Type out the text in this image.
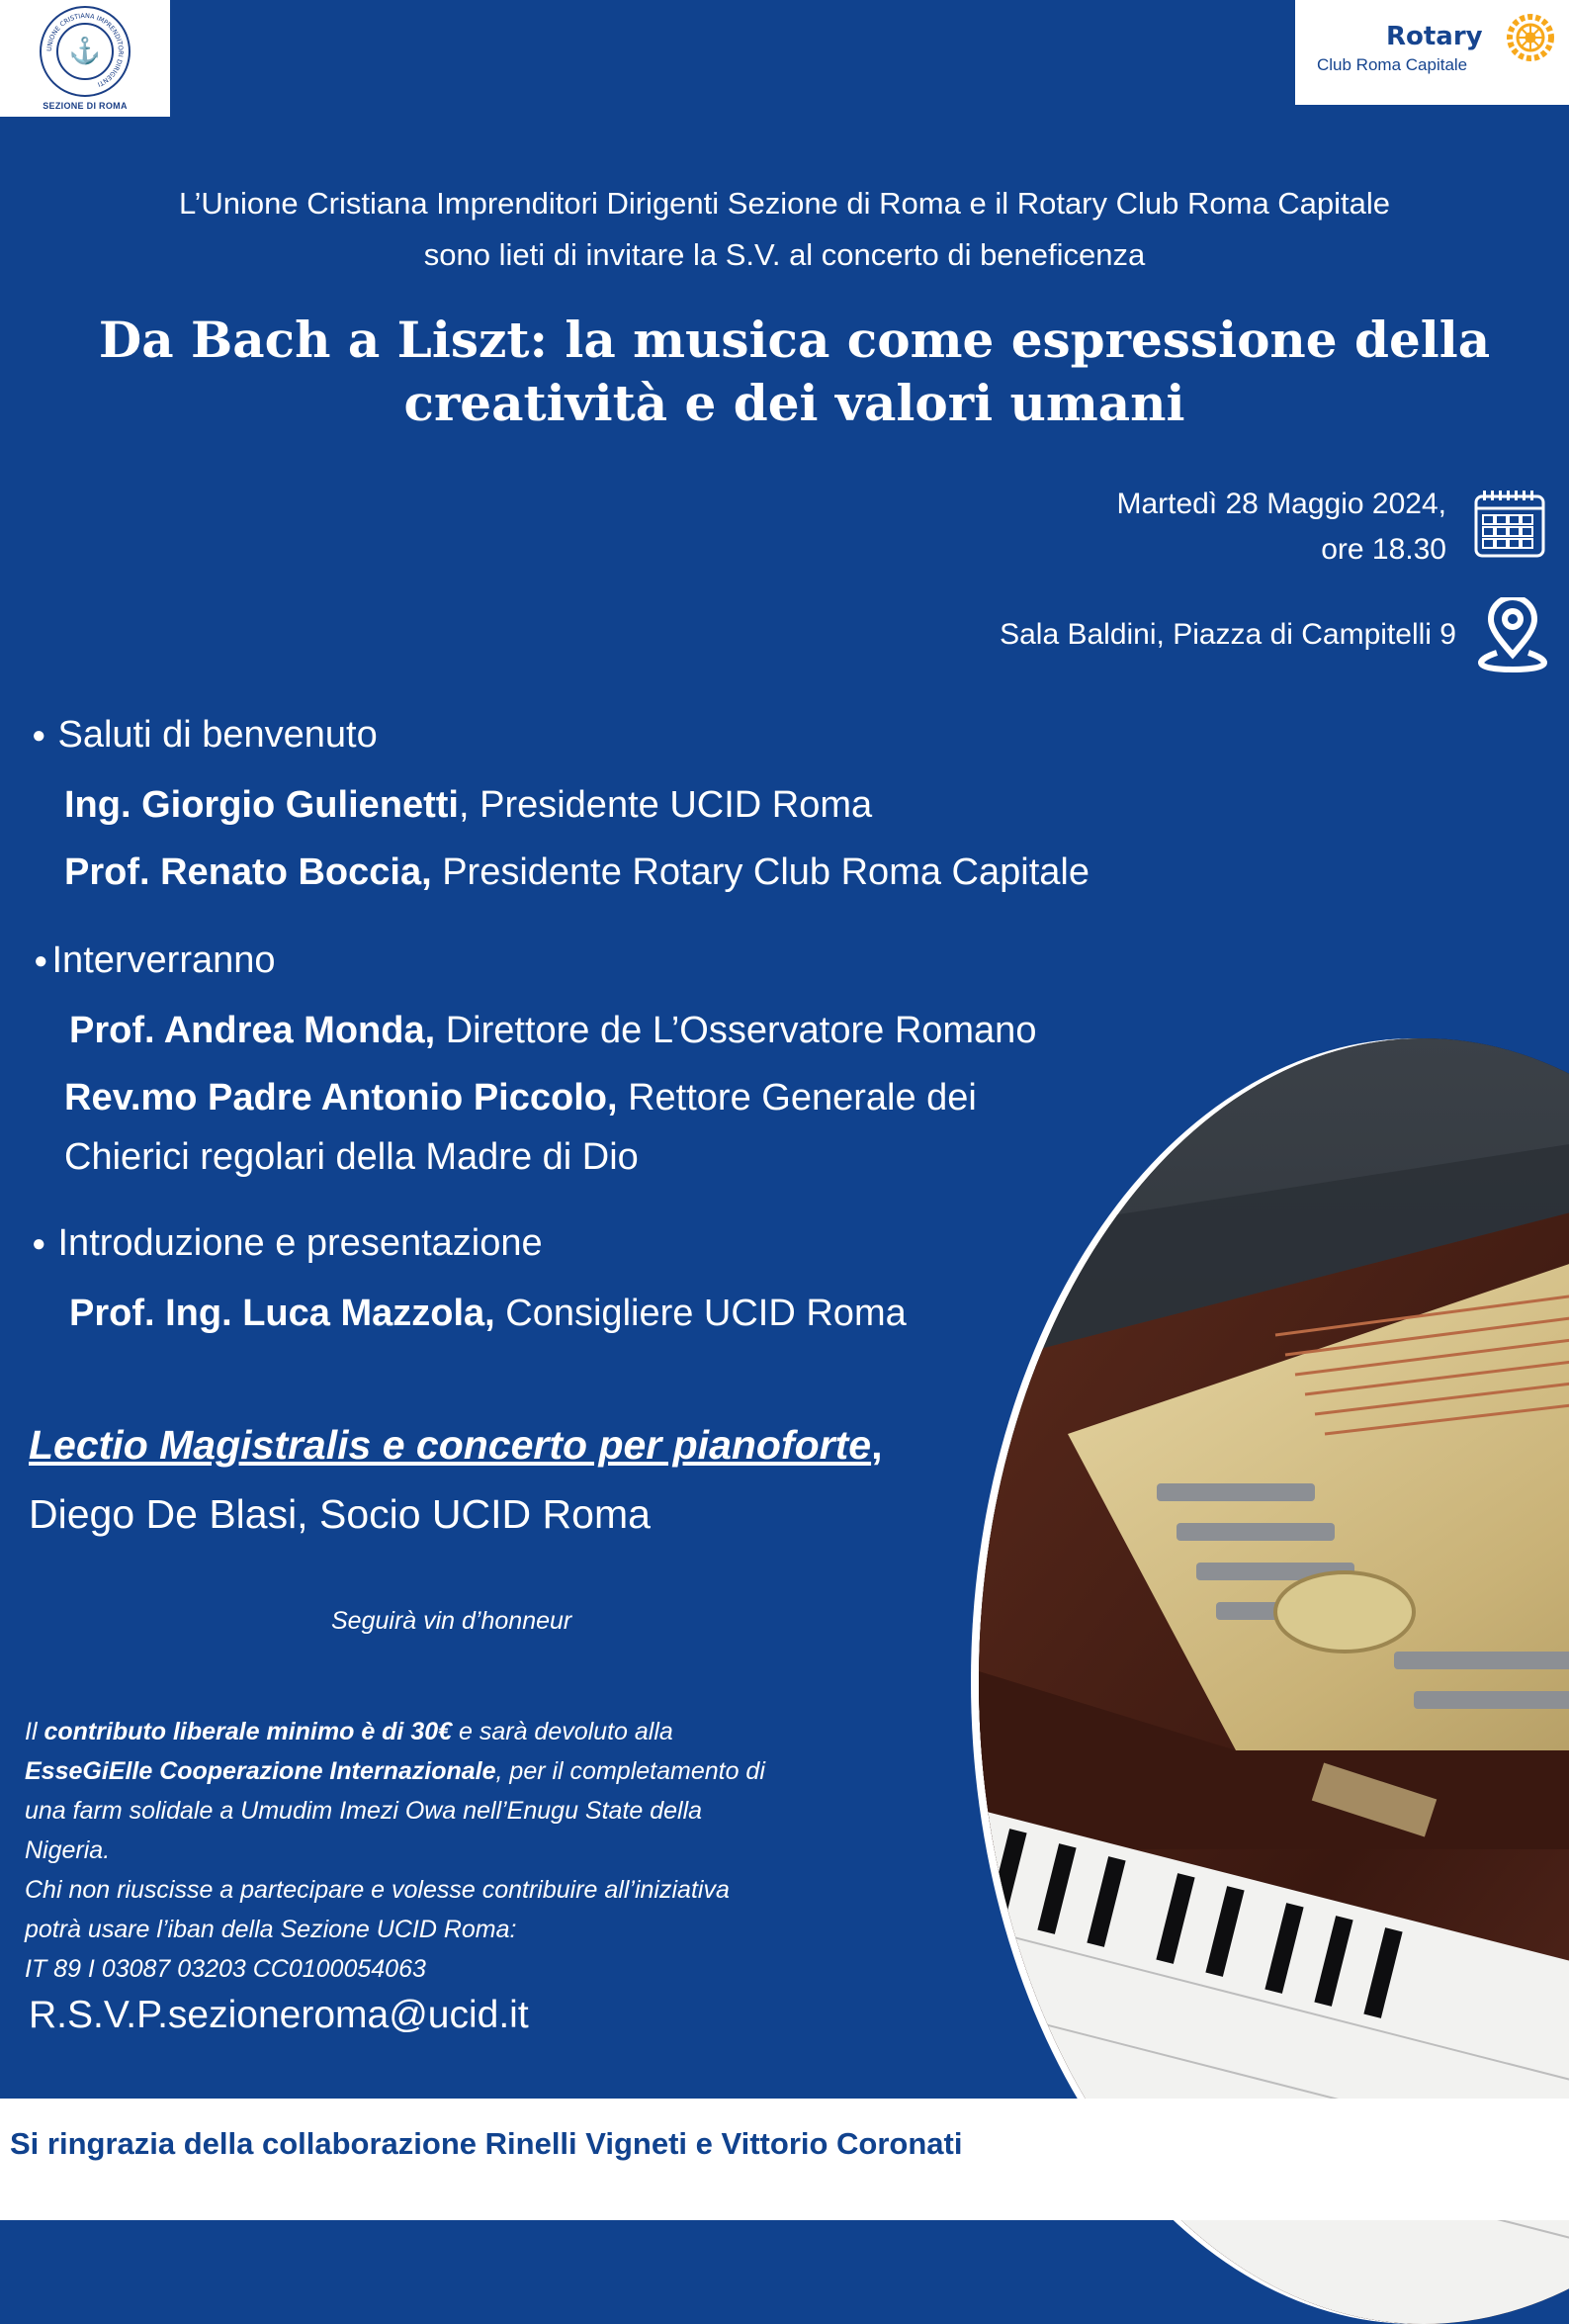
UNIONE CRISTIANA IMPRENDITORI DIRIGENTI
⚓
SEZIONE DI ROMA
Rotary
Club Roma Capitale
L’Unione Cristiana Imprenditori Dirigenti Sezione di Roma e il Rotary Club Roma Capitale
sono lieti di invitare la S.V. al concerto di beneficenza
Da Bach a Liszt: la musica come espressione della
creatività e dei valori umani
Martedì 28 Maggio 2024,
ore 18.30
Sala Baldini, Piazza di Campitelli 9
● Saluti di benvenuto
Ing. Giorgio Gulienetti, Presidente UCID Roma
Prof. Renato Boccia, Presidente Rotary Club Roma Capitale
● Interverranno
Prof. Andrea Monda, Direttore de L’Osservatore Romano
Rev.mo Padre Antonio Piccolo, Rettore Generale dei
Chierici regolari della Madre di Dio
● Introduzione e presentazione
Prof. Ing. Luca Mazzola, Consigliere UCID Roma
Lectio Magistralis e concerto per pianoforte,
Diego De Blasi, Socio UCID Roma
Seguirà vin d’honneur
Il contributo liberale minimo è di 30€ e sarà devoluto alla
EsseGiElle Cooperazione Internazionale, per il completamento di
una farm solidale a Umudim Imezi Owa nell’Enugu State della
Nigeria.
Chi non riuscisse a partecipare e volesse contribuire all’iniziativa
potrà usare l’iban della Sezione UCID Roma:
IT 89 I 03087 03203 CC0100054063
R.S.V.P.sezioneroma@ucid.it
Si ringrazia della collaborazione Rinelli Vigneti e Vittorio Coronati
